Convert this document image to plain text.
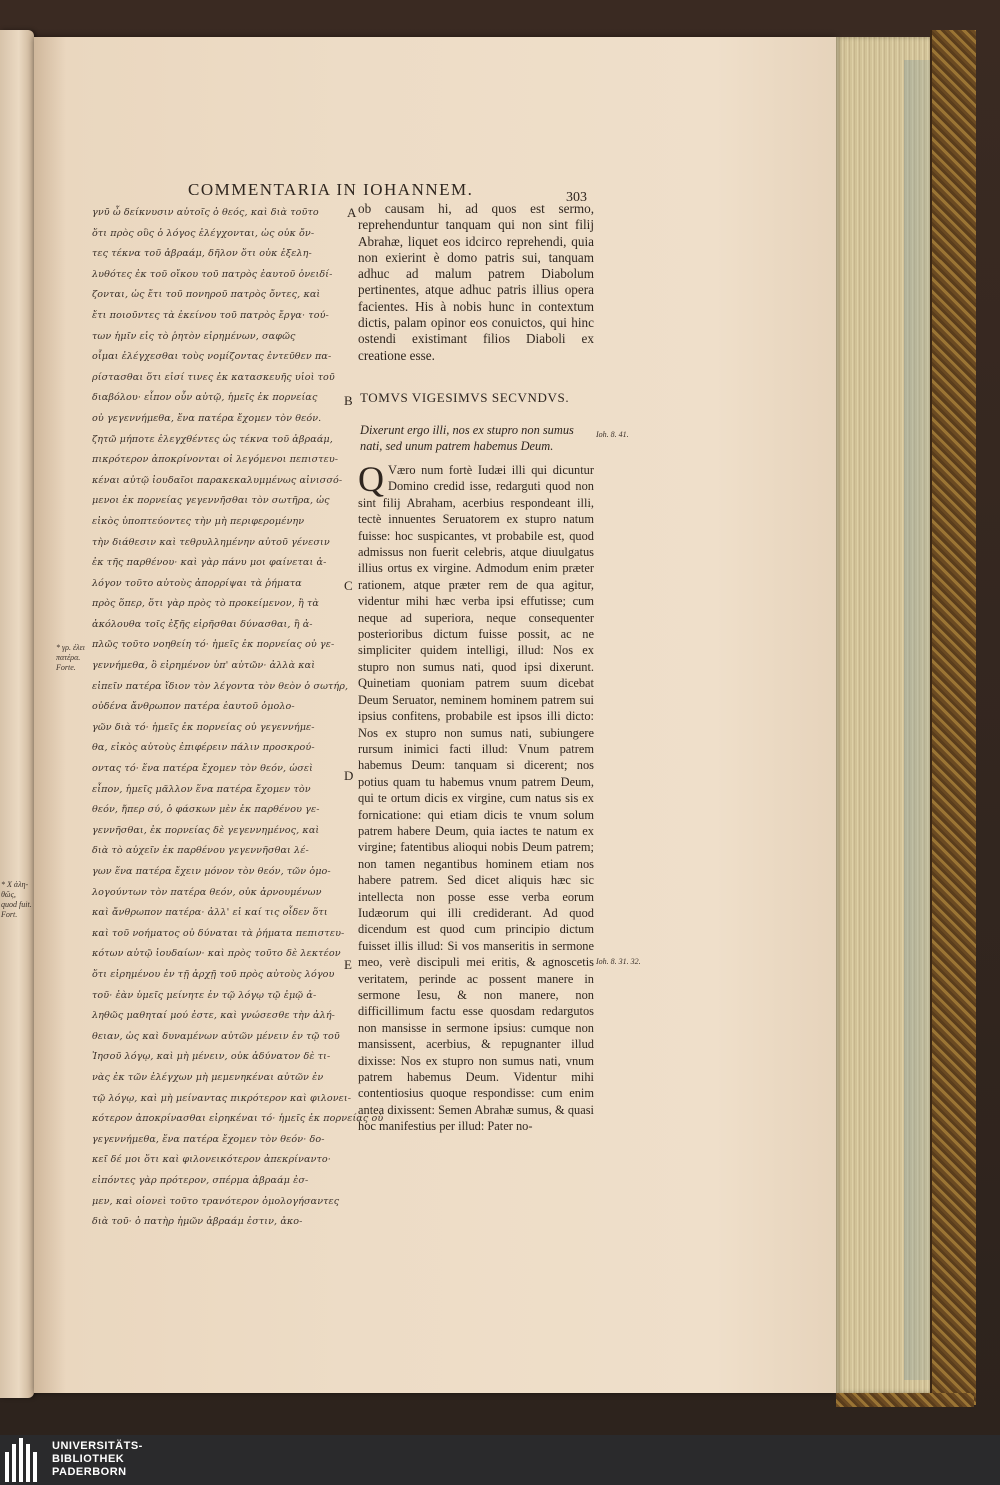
COMMENTARIA IN IOHANNEM.	303
γνῦ ὦ δείκνυσιν αὐτοῖς ὁ θεός, καὶ διὰ τοῦτο
ὅτι πρὸς οὓς ὁ λόγος ἐλέγχονται, ὡς οὐκ ὄν-
τες τέκνα τοῦ ἀβραάμ, δῆλον ὅτι οὐκ ἐξελη-
λυθότες ἐκ τοῦ οἴκου τοῦ πατρὸς ἑαυτοῦ ὀνειδί-
ζονται, ὡς ἔτι τοῦ πονηροῦ πατρὸς ὄντες, καὶ
ἔτι ποιοῦντες τὰ ἐκείνου τοῦ πατρὸς ἔργα· τού-
των ἡμῖν εἰς τὸ ῥητὸν εἰρημένων, σαφῶς
οἶμαι ἐλέγχεσθαι τοὺς νομίζοντας ἐντεῦθεν πα-
ρίστασθαι ὅτι εἰσί τινες ἐκ κατασκευῆς υἱοὶ τοῦ
διαβόλου· εἶπον οὖν αὐτῷ, ἡμεῖς ἐκ πορνείας
οὐ γεγεννήμεθα, ἕνα πατέρα ἔχομεν τὸν θεόν.
ζητῶ μήποτε ἐλεγχθέντες ὡς τέκνα τοῦ ἀβραάμ,
πικρότερον ἀποκρίνονται οἱ λεγόμενοι πεπιστευ-
κέναι αὐτῷ ἰουδαῖοι παρακεκαλυμμένως αἰνισσό-
μενοι ἐκ πορνείας γεγεννῆσθαι τὸν σωτῆρα, ὡς
εἰκὸς ὑποπτεύοντες τὴν μὴ περιφερομένην
τὴν διάθεσιν καὶ τεθρυλλημένην αὐτοῦ γένεσιν
ἐκ τῆς παρθένου· καὶ γὰρ πάνυ μοι φαίνεται ἀ-
λόγον τοῦτο αὐτοὺς ἀπορρίψαι τὰ ῥήματα
πρὸς ὅπερ, ὅτι γὰρ πρὸς τὸ προκείμενον, ἢ τὰ
ἀκόλουθα τοῖς ἑξῆς εἰρῆσθαι δύνασθαι, ἢ ἀ-
πλῶς τοῦτο νοηθείη τό· ἡμεῖς ἐκ πορνείας οὐ γε-
γεννήμεθα, ὃ εἰρημένον ὑπ' αὐτῶν· ἀλλὰ καὶ
εἰπεῖν πατέρα ἴδιον τὸν λέγοντα τὸν θεὸν ὁ σωτήρ,
οὐδένα ἄνθρωπον πατέρα ἑαυτοῦ ὁμολο-
γῶν διὰ τό· ἡμεῖς ἐκ πορνείας οὐ γεγεννήμε-
θα, εἰκὸς αὐτοὺς ἐπιφέρειν πάλιν προσκρού-
οντας τό· ἕνα πατέρα ἔχομεν τὸν θεόν, ὡσεὶ
εἶπον, ἡμεῖς μᾶλλον ἕνα πατέρα ἔχομεν τὸν
θεόν, ἤπερ σύ, ὁ φάσκων μὲν ἐκ παρθένου γε-
γεννῆσθαι, ἐκ πορνείας δὲ γεγεννημένος, καὶ
διὰ τὸ αὐχεῖν ἐκ παρθένου γεγεννῆσθαι λέ-
γων ἕνα πατέρα ἔχειν μόνον τὸν θεόν, τῶν ὁμο-
λογούντων τὸν πατέρα θεόν, οὐκ ἀρνουμένων
καὶ ἄνθρωπον πατέρα· ἀλλ' εἰ καί τις οἶδεν ὅτι
καὶ τοῦ νοήματος οὐ δύναται τὰ ῥήματα πεπιστευ-
κότων αὐτῷ ἰουδαίων· καὶ πρὸς τοῦτο δὲ λεκτέον
ὅτι εἰρημένου ἐν τῇ ἀρχῇ τοῦ πρὸς αὐτοὺς λόγου
τοῦ· ἐὰν ὑμεῖς μείνητε ἐν τῷ λόγῳ τῷ ἐμῷ ἀ-
ληθῶς μαθηταί μού ἐστε, καὶ γνώσεσθε τὴν ἀλή-
θειαν, ὡς καὶ δυναμένων αὐτῶν μένειν ἐν τῷ τοῦ
Ἰησοῦ λόγῳ, καὶ μὴ μένειν, οὐκ ἀδύνατον δὲ τι-
νὰς ἐκ τῶν ἐλέγχων μὴ μεμενηκέναι αὐτῶν ἐν
τῷ λόγῳ, καὶ μὴ μείναντας πικρότερον καὶ φιλονει-
κότερον ἀποκρίνασθαι εἰρηκέναι τό· ἡμεῖς ἐκ πορνείας οὐ
γεγεννήμεθα, ἕνα πατέρα ἔχομεν τὸν θεόν· δο-
κεῖ δέ μοι ὅτι καὶ φιλονεικότερον ἀπεκρίναντο·
εἰπόντες γὰρ πρότερον, σπέρμα ἀβραάμ ἐσ-
μεν, καὶ οἱονεὶ τοῦτο τρανότερον ὁμολογήσαντες
διὰ τοῦ· ὁ πατὴρ ἡμῶν ἀβραάμ ἐστιν, ἀκο-
A
B
C
D
E
ob causam hi, ad quos est sermo, reprehenduntur tanquam qui non sint filij Abrahæ, liquet eos idcirco reprehendi, quia non exierint è domo patris sui, tanquam adhuc ad malum patrem Diabolum pertinentes, atque adhuc patris illius opera facientes. His à nobis hunc in contextum dictis, palam opinor eos conuictos, qui hinc ostendi existimant filios Diaboli ex creatione esse.
TOMVS VIGESIMVS SECVNDVS.
Dixerunt ergo illi, nos ex stupro non sumus nati, sed unum patrem habemus Deum.
Q Væro num fortè Iudæi illi qui dicuntur Domino credid isse, redarguti quod non sint filij Abraham, acerbius respondeant illi, tectè innuentes Seruatorem ex stupro natum fuisse: hoc suspicantes, vt probabile est, quod admissus non fuerit celebris, atque diuulgatus illius ortus ex virgine. Admodum enim præter rationem, atque præter rem de qua agitur, videntur mihi hæc verba ipsi effutisse; cum neque ad superiora, neque consequenter posterioribus dictum fuisse possit, ac ne simpliciter quidem intelligi, illud: Nos ex stupro non sumus nati, quod ipsi dixerunt. Quinetiam quoniam patrem suum dicebat Deum Seruator, neminem hominem patrem sui ipsius confitens, probabile est ipsos illi dicto: Nos ex stupro non sumus nati, subiungere rursum inimici facti illud: Vnum patrem habemus Deum: tanquam si dicerent; nos potius quam tu habemus vnum patrem Deum, qui te ortum dicis ex virgine, cum natus sis ex fornicatione: qui etiam dicis te vnum solum patrem habere Deum, quia iactes te natum ex virgine; fatentibus alioqui nobis Deum patrem; non tamen negantibus hominem etiam nos habere patrem. Sed dicet aliquis hæc sic intellecta non posse esse verba eorum Iudæorum qui illi crediderant. Ad quod dicendum est quod cum principio dictum fuisset illis illud: Si vos manseritis in sermone meo, verè discipuli mei eritis, & agnoscetis veritatem, perinde ac possent manere in sermone Iesu, & non manere, non difficillimum factu esse quosdam redargutos non mansisse in sermone ipsius: cumque non mansissent, acerbius, & repugnanter illud dixisse: Nos ex stupro non sumus nati, vnum patrem habemus Deum. Videntur mihi contentiosius quoque respondisse: cum enim antea dixissent: Semen Abrahæ sumus, & quasi hoc manifestius per illud: Pater no-
Ioh. 8. 41.
Ioh. 8. 31. 32.
* γρ. ἐλει πατέρα. Forte.
* X ἀλη- θῶς, quod fuit. Fort.
UNIVERSITÄTS-
BIBLIOTHEK
PADERBORN
